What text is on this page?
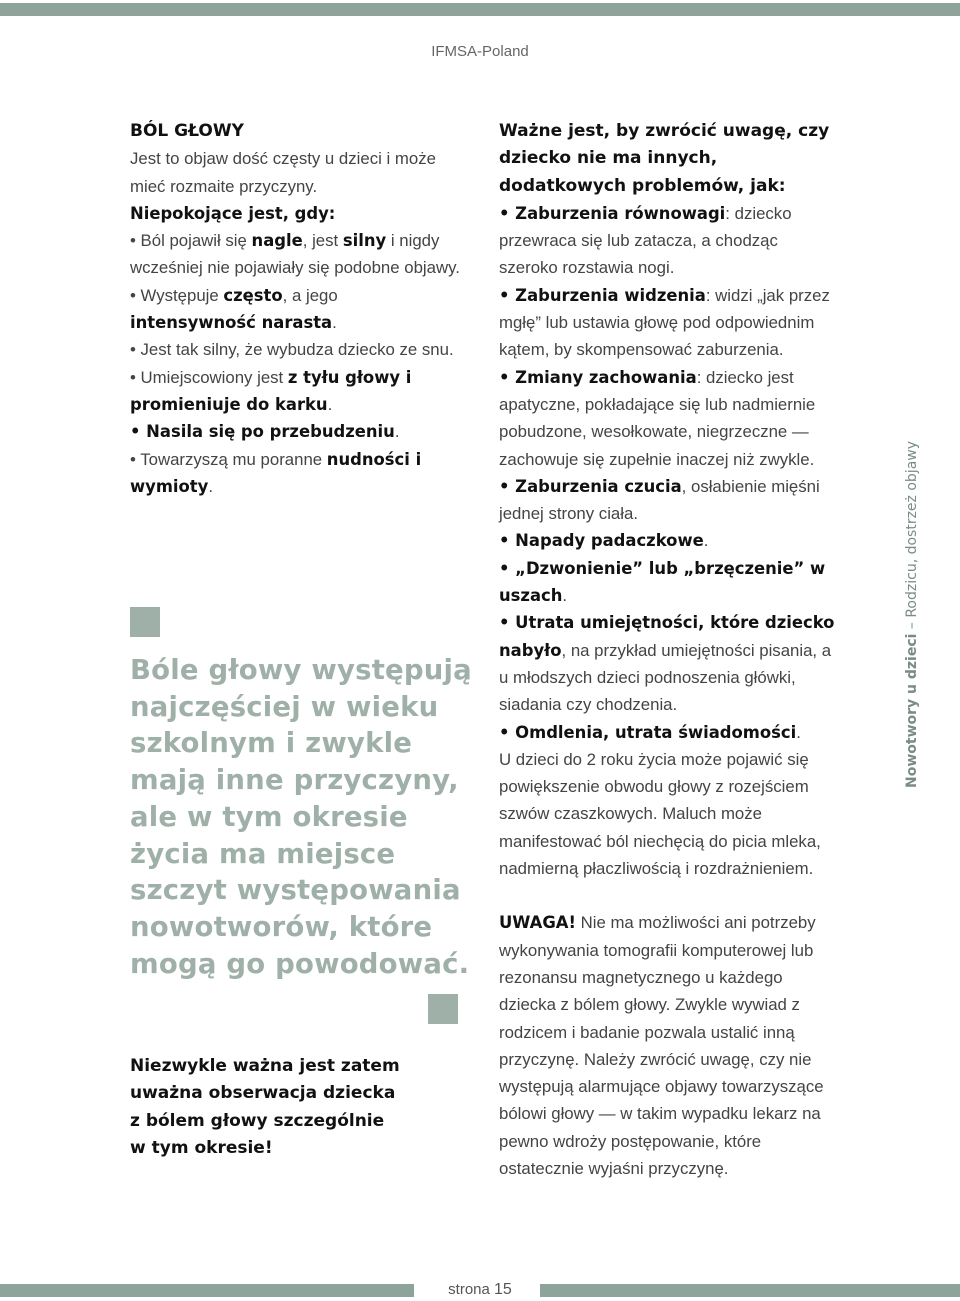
IFMSA-Poland

BÓL GŁOWY

Jest to objaw dość częsty u dzieci i może mieć rozmaite przyczyny.

Niepokojące jest, gdy:

• Ból pojawił się nagle, jest silny i nigdy wcześniej nie pojawiały się podobne objawy.

• Występuje często, a jego intensywność narasta.

• Jest tak silny, że wybudza dziecko ze snu.

• Umiejscowiony jest z tyłu głowy i promieniuje do karku.

• Nasila się po przebudzeniu.

• Towarzyszą mu poranne nudności i wymioty.

Bóle głowy występują
najczęściej w wieku
szkolnym i zwykle
mają inne przyczyny,
ale w tym okresie
życia ma miejsce
szczyt występowania
nowotworów, które
mogą go powodować.
Niezwykle ważna jest zatem
uważna obserwacja dziecka
z bólem głowy szczególnie
w tym okresie!

Ważne jest, by zwrócić uwagę, czy dziecko nie ma innych, dodatkowych problemów, jak:

• Zaburzenia równowagi: dziecko przewraca się lub zatacza, a chodząc szeroko rozstawia nogi.

• Zaburzenia widzenia: widzi „jak przez mgłę” lub ustawia głowę pod odpowiednim kątem, by skompensować zaburzenia.

• Zmiany zachowania: dziecko jest apatyczne, pokładające się lub nadmiernie pobudzone, wesołkowate, niegrzeczne — zachowuje się zupełnie inaczej niż zwykle.

• Zaburzenia czucia, osłabienie mięśni jednej strony ciała.

• Napady padaczkowe.

• „Dzwonienie” lub „brzęczenie” w uszach.

• Utrata umiejętności, które dziecko nabyło, na przykład umiejętności pisania, a u młodszych dzieci podnoszenia główki, siadania czy chodzenia.

• Omdlenia, utrata świadomości.

U dzieci do 2 roku życia może pojawić się powiększenie obwodu głowy z rozejściem szwów czaszkowych. Maluch może manifestować ból niechęcią do picia mleka, nadmierną płaczliwością i rozdrażnieniem.

UWAGA! Nie ma możliwości ani potrzeby wykonywania tomografii komputerowej lub rezonansu magnetycznego u każdego dziecka z bólem głowy. Zwykle wywiad z rodzicem i badanie pozwala ustalić inną przyczynę. Należy zwrócić uwagę, czy nie występują alarmujące objawy towarzyszące bólowi głowy — w takim wypadku lekarz na pewno wdroży postępowanie, które ostatecznie wyjaśni przyczynę.

Nowotwory u dzieci – Rodzicu, dostrzeż objawy
strona 15
